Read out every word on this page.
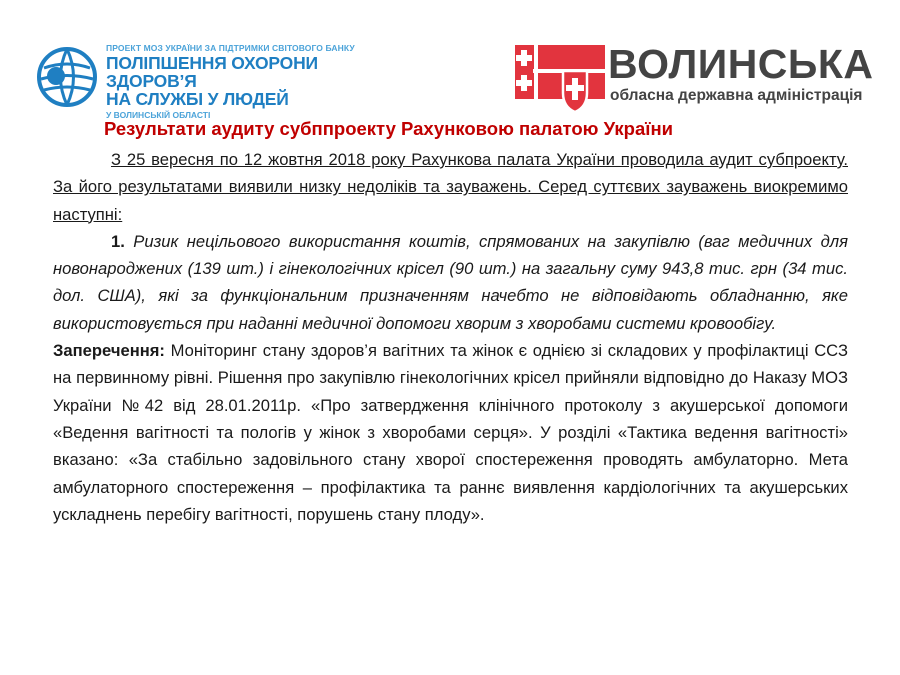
ПРОЕКТ МОЗ УКРАЇНИ ЗА ПІДТРИМКИ СВІТОВОГО БАНКУ
ПОЛІПШЕННЯ ОХОРОНИ ЗДОРОВ’Я
НА СЛУЖБІ У ЛЮДЕЙ
У ВОЛИНСЬКІЙ ОБЛАСТІ
ВОЛИНСЬКА
обласна державна адміністрація
Результати аудиту субппроекту Рахунковою палатою України

З 25 вересня по 12 жовтня 2018 року Рахункова палата України проводила аудит субпроекту. За його результатами виявили низку недоліків та зауважень. Серед суттєвих зауважень виокремимо наступні:

1. Ризик нецільового використання коштів, спрямованих на закупівлю (ваг медичних для новонароджених (139 шт.) і гінекологічних крісел (90 шт.) на загальну суму 943,8 тис. грн (34 тис. дол. США), які за функціональним призначенням начебто не відповідають обладнанню, яке використовується при наданні медичної допомоги хворим з хворобами системи кровообігу.

Заперечення: Моніторинг стану здоров’я вагітних та жінок є однією зі складових у профілактиці ССЗ на первинному рівні. Рішення про закупівлю гінекологічних крісел прийняли відповідно до Наказу МОЗ України №42 від 28.01.2011р. «Про затвердження клінічного протоколу з акушерської допомоги «Ведення вагітності та пологів у жінок з хворобами серця». У розділі «Тактика ведення вагітності» вказано: «За стабільно задовільного стану хворої спостереження проводять амбулаторно. Мета амбулаторного спостереження – профілактика та раннє виявлення кардіологічних та акушерських ускладнень перебігу вагітності, порушень стану плоду».
